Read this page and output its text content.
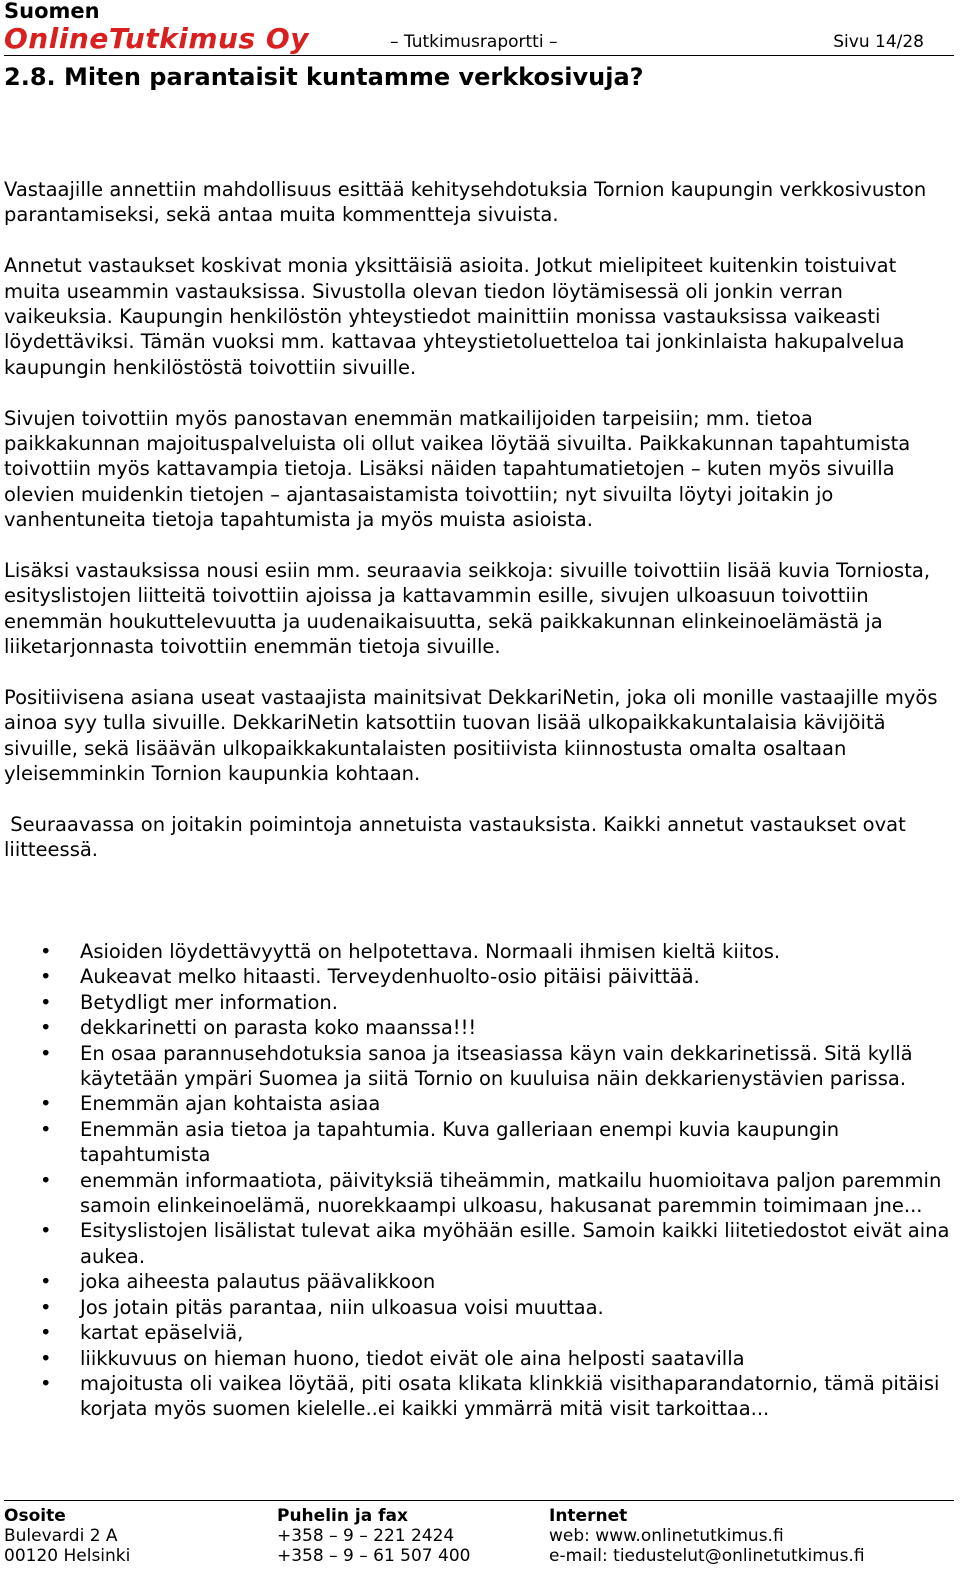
Suomen
OnlineTutkimus Oy	– Tutkimusraportti –	Sivu 14/28
2.8. Miten parantaisit kuntamme verkkosivuja?

Vastaajille annettiin mahdollisuus esittää kehitysehdotuksia Tornion kaupungin verkkosivuston parantamiseksi, sekä antaa muita kommentteja sivuista.

Annetut vastaukset koskivat monia yksittäisiä asioita. Jotkut mielipiteet kuitenkin toistuivat muita useammin vastauksissa. Sivustolla olevan tiedon löytämisessä oli jonkin verran vaikeuksia. Kaupungin henkilöstön yhteystiedot mainittiin monissa vastauksissa vaikeasti löydettäviksi. Tämän vuoksi mm. kattavaa yhteystietoluetteloa tai jonkinlaista hakupalvelua kaupungin henkilöstöstä toivottiin sivuille.

Sivujen toivottiin myös panostavan enemmän matkailijoiden tarpeisiin; mm. tietoa paikkakunnan majoituspalveluista oli ollut vaikea löytää sivuilta. Paikkakunnan tapahtumista toivottiin myös kattavampia tietoja. Lisäksi näiden tapahtumatietojen – kuten myös sivuilla olevien muidenkin tietojen – ajantasaistamista toivottiin; nyt sivuilta löytyi joitakin jo vanhentuneita tietoja tapahtumista ja myös muista asioista.

Lisäksi vastauksissa nousi esiin mm. seuraavia seikkoja: sivuille toivottiin lisää kuvia Torniosta, esityslistojen liitteitä toivottiin ajoissa ja kattavammin esille, sivujen ulkoasuun toivottiin enemmän houkuttelevuutta ja uudenaikaisuutta, sekä paikkakunnan elinkeinoelämästä ja liiketarjonnasta toivottiin enemmän tietoja sivuille.

Positiivisena asiana useat vastaajista mainitsivat DekkariNetin, joka oli monille vastaajille myös ainoa syy tulla sivuille. DekkariNetin katsottiin tuovan lisää ulkopaikkakuntalaisia kävijöitä sivuille, sekä lisäävän ulkopaikkakuntalaisten positiivista kiinnostusta omalta osaltaan yleisemminkin Tornion kaupunkia kohtaan.

Seuraavassa on joitakin poimintoja annetuista vastauksista. Kaikki annetut vastaukset ovat liitteessä.

• Asioiden löydettävyyttä on helpotettava. Normaali ihmisen kieltä kiitos.
• Aukeavat melko hitaasti. Terveydenhuolto-osio pitäisi päivittää.
• Betydligt mer information.
• dekkarinetti on parasta koko maanssa!!!
• En osaa parannusehdotuksia sanoa ja itseasiassa käyn vain dekkarinetissä. Sitä kyllä käytetään ympäri Suomea ja siitä Tornio on kuuluisa näin dekkarienystävien parissa.
• Enemmän ajan kohtaista asiaa
• Enemmän asia tietoa ja tapahtumia. Kuva galleriaan enempi kuvia kaupungin tapahtumista
• enemmän informaatiota, päivityksiä tiheämmin, matkailu huomioitava paljon paremmin samoin elinkeinoelämä, nuorekkaampi ulkoasu, hakusanat paremmin toimimaan jne...
• Esityslistojen lisälistat tulevat aika myöhään esille. Samoin kaikki liitetiedostot eivät aina aukea.
• joka aiheesta palautus päävalikkoon
• Jos jotain pitäs parantaa, niin ulkoasua voisi muuttaa.
• kartat epäselviä,
• liikkuvuus on hieman huono, tiedot eivät ole aina helposti saatavilla
• majoitusta oli vaikea löytää, piti osata klikata klinkkiä visithaparandatornio, tämä pitäisi korjata myös suomen kielelle..ei kaikki ymmärrä mitä visit tarkoittaa...
Osoite
Bulevardi 2 A
00120 Helsinki
Puhelin ja fax
+358 – 9 – 221 2424
+358 – 9 – 61 507 400
Internet
web: www.onlinetutkimus.fi
e-mail: tiedustelut@onlinetutkimus.fi
